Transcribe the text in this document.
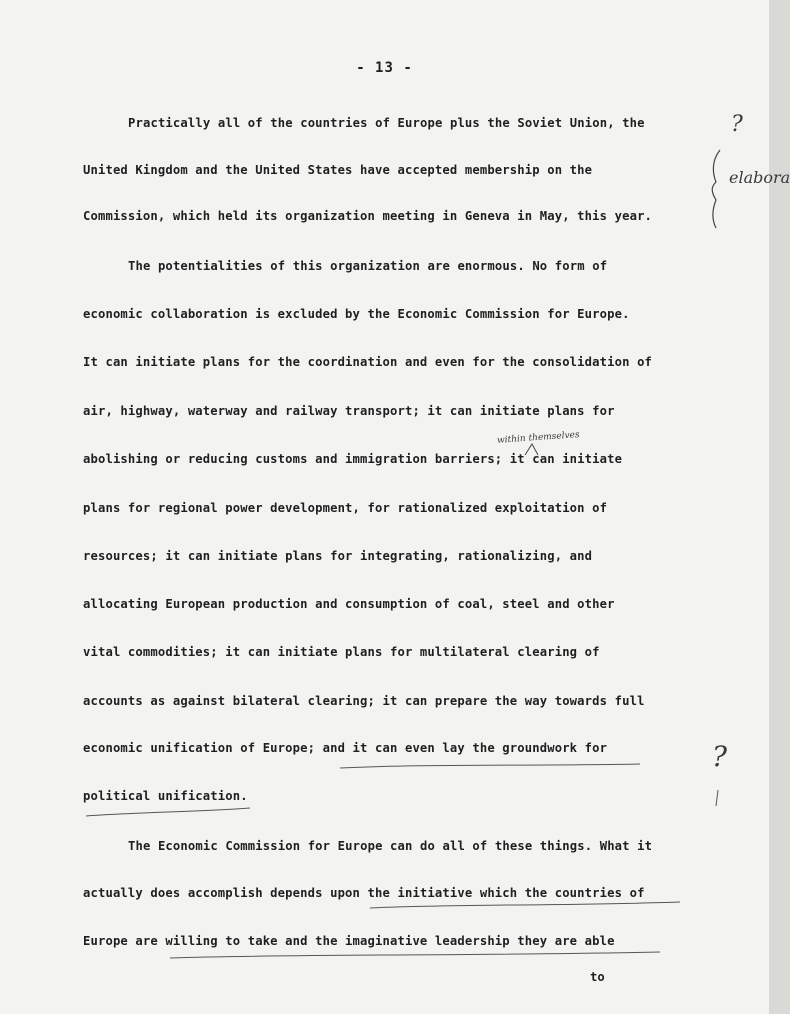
- 13 -
Practically all of the countries of Europe plus the Soviet Union, the
United Kingdom and the United States have accepted membership on the
Commission, which held its organization meeting in Geneva in May, this year.
The potentialities of this organization are enormous. No form of
economic collaboration is excluded by the Economic Commission for Europe.
It can initiate plans for the coordination and even for the consolidation of
air, highway, waterway and railway transport; it can initiate plans for
abolishing or reducing customs and immigration barriers; it can initiate
plans for regional power development, for rationalized exploitation of
resources; it can initiate plans for integrating, rationalizing, and
allocating European production and consumption of coal, steel and other
vital commodities; it can initiate plans for multilateral clearing of
accounts as against bilateral clearing; it can prepare the way towards full
economic unification of Europe; and it can even lay the groundwork for
political unification.
The Economic Commission for Europe can do all of these things. What it
actually does accomplish depends upon the initiative which the countries of
Europe are willing to take and the imaginative leadership they are able
to
elabora
within themselves
?
?
